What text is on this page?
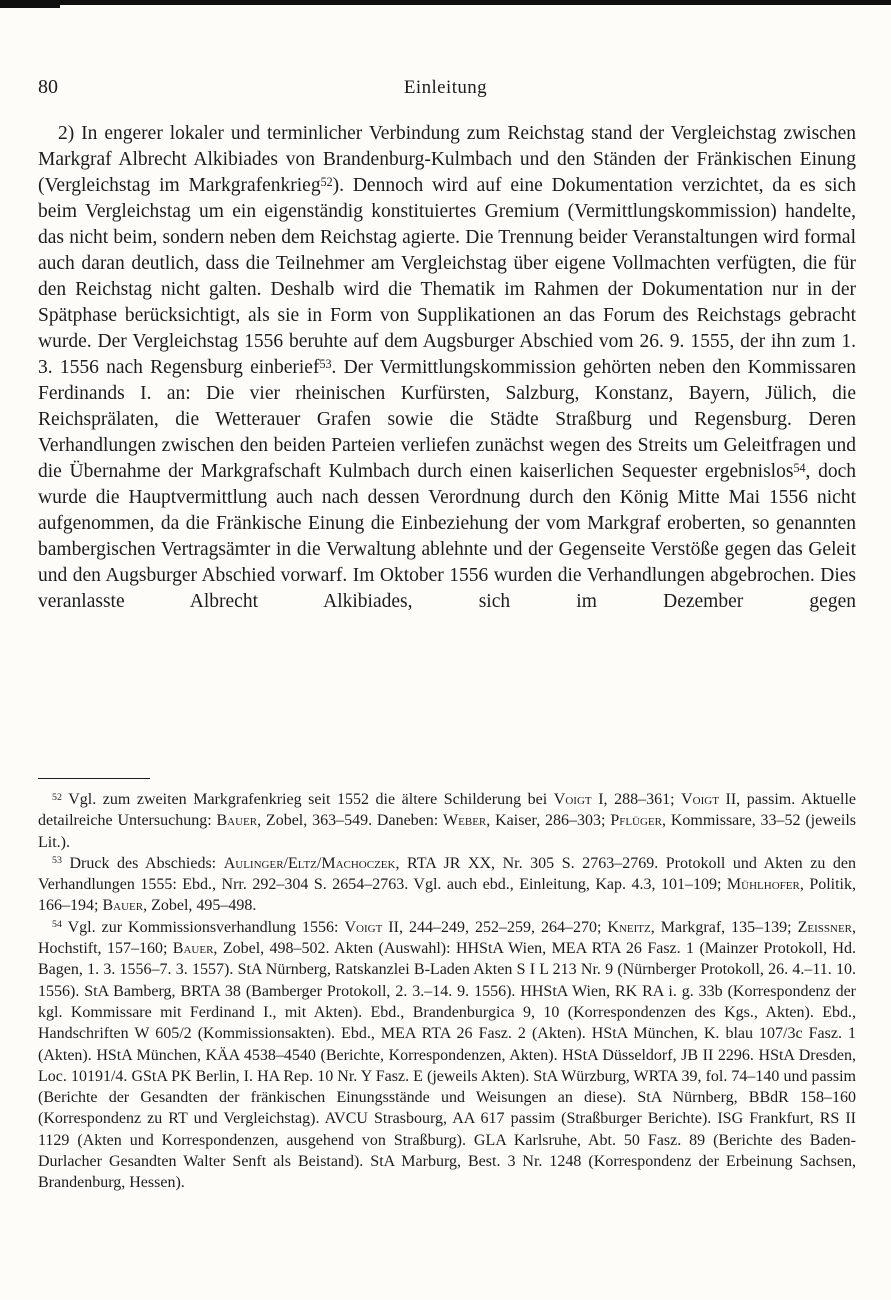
80	Einleitung
2) In engerer lokaler und terminlicher Verbindung zum Reichstag stand der Vergleichstag zwischen Markgraf Albrecht Alkibiades von Brandenburg-Kulmbach und den Ständen der Fränkischen Einung (Vergleichstag im Markgrafenkrieg$^{52}$). Dennoch wird auf eine Dokumentation verzichtet, da es sich beim Vergleichstag um ein eigenständig konstituiertes Gremium (Vermittlungskommission) handelte, das nicht beim, sondern neben dem Reichstag agierte. Die Trennung beider Veranstaltungen wird formal auch daran deutlich, dass die Teilnehmer am Vergleichstag über eigene Vollmachten verfügten, die für den Reichstag nicht galten. Deshalb wird die Thematik im Rahmen der Dokumentation nur in der Spätphase berücksichtigt, als sie in Form von Supplikationen an das Forum des Reichstags gebracht wurde. Der Vergleichstag 1556 beruhte auf dem Augsburger Abschied vom 26. 9. 1555, der ihn zum 1. 3. 1556 nach Regensburg einberief$^{53}$. Der Vermittlungskommission gehörten neben den Kommissaren Ferdinands I. an: Die vier rheinischen Kurfürsten, Salzburg, Konstanz, Bayern, Jülich, die Reichsprälaten, die Wetterauer Grafen sowie die Städte Straßburg und Regensburg. Deren Verhandlungen zwischen den beiden Parteien verliefen zunächst wegen des Streits um Geleitfragen und die Übernahme der Markgrafschaft Kulmbach durch einen kaiserlichen Sequester ergebnislos$^{54}$, doch wurde die Hauptvermittlung auch nach dessen Verordnung durch den König Mitte Mai 1556 nicht aufgenommen, da die Fränkische Einung die Einbeziehung der vom Markgraf eroberten, so genannten bambergischen Vertragsämter in die Verwaltung ablehnte und der Gegenseite Verstöße gegen das Geleit und den Augsburger Abschied vorwarf. Im Oktober 1556 wurden die Verhandlungen abgebrochen. Dies veranlasste Albrecht Alkibiades, sich im Dezember gegen
$^{52}$ Vgl. zum zweiten Markgrafenkrieg seit 1552 die ältere Schilderung bei Voigt I, 288–361; Voigt II, passim. Aktuelle detailreiche Untersuchung: Bauer, Zobel, 363–549. Daneben: Weber, Kaiser, 286–303; Pflüger, Kommissare, 33–52 (jeweils Lit.).
$^{53}$ Druck des Abschieds: Aulinger/Eltz/Machoczek, RTA JR XX, Nr. 305 S. 2763–2769. Protokoll und Akten zu den Verhandlungen 1555: Ebd., Nrr. 292–304 S. 2654–2763. Vgl. auch ebd., Einleitung, Kap. 4.3, 101–109; Mühlhofer, Politik, 166–194; Bauer, Zobel, 495–498.
$^{54}$ Vgl. zur Kommissionsverhandlung 1556: Voigt II, 244–249, 252–259, 264–270; Kneitz, Markgraf, 135–139; Zeissner, Hochstift, 157–160; Bauer, Zobel, 498–502. Akten (Auswahl): HHStA Wien, MEA RTA 26 Fasz. 1 (Mainzer Protokoll, Hd. Bagen, 1. 3. 1556–7. 3. 1557). StA Nürnberg, Ratskanzlei B-Laden Akten S I L 213 Nr. 9 (Nürnberger Protokoll, 26. 4.–11. 10. 1556). StA Bamberg, BRTA 38 (Bamberger Protokoll, 2. 3.–14. 9. 1556). HHStA Wien, RK RA i. g. 33b (Korrespondenz der kgl. Kommissare mit Ferdinand I., mit Akten). Ebd., Brandenburgica 9, 10 (Korrespondenzen des Kgs., Akten). Ebd., Handschriften W 605/2 (Kommissionsakten). Ebd., MEA RTA 26 Fasz. 2 (Akten). HStA München, K. blau 107/3c Fasz. 1 (Akten). HStA München, KÄA 4538–4540 (Berichte, Korrespondenzen, Akten). HStA Düsseldorf, JB II 2296. HStA Dresden, Loc. 10191/4. GStA PK Berlin, I. HA Rep. 10 Nr. Y Fasz. E (jeweils Akten). StA Würzburg, WRTA 39, fol. 74–140 und passim (Berichte der Gesandten der fränkischen Einungsstände und Weisungen an diese). StA Nürnberg, BBdR 158–160 (Korrespondenz zu RT und Vergleichstag). AVCU Strasbourg, AA 617 passim (Straßburger Berichte). ISG Frankfurt, RS II 1129 (Akten und Korrespondenzen, ausgehend von Straßburg). GLA Karlsruhe, Abt. 50 Fasz. 89 (Berichte des Baden-Durlacher Gesandten Walter Senft als Beistand). StA Marburg, Best. 3 Nr. 1248 (Korrespondenz der Erbeinung Sachsen, Brandenburg, Hessen).
